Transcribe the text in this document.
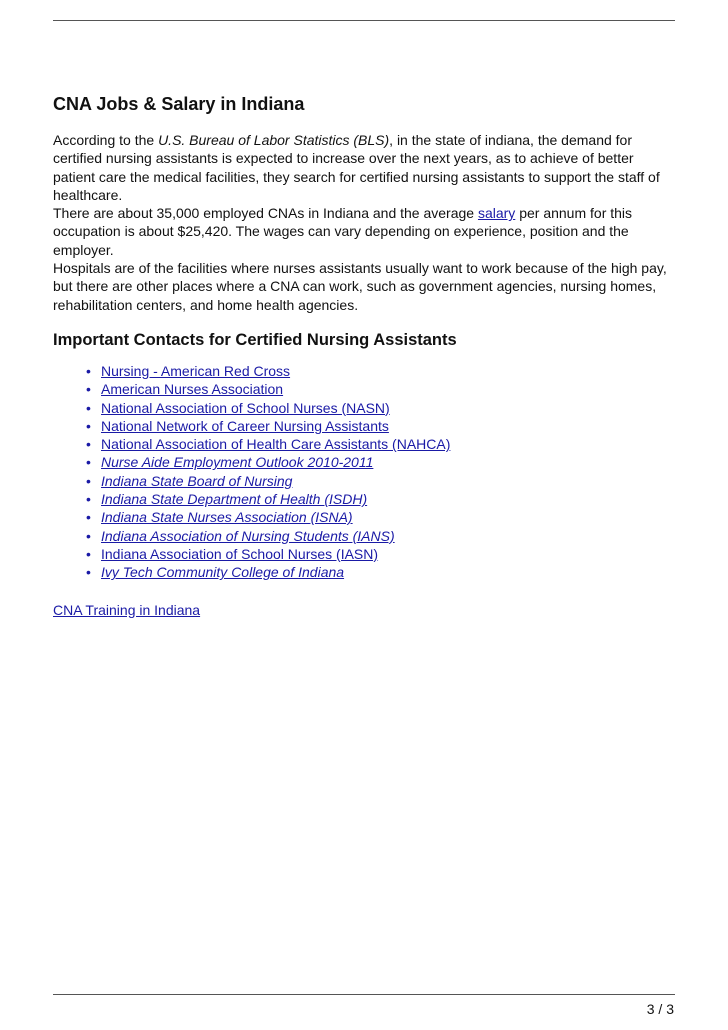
CNA Jobs & Salary in Indiana

According to the U.S. Bureau of Labor Statistics (BLS), in the state of indiana, the demand for certified nursing assistants is expected to increase over the next years, as to achieve of better patient care the medical facilities, they search for certified nursing assistants to support the staff of healthcare.

There are about 35,000 employed CNAs in Indiana and the average salary per annum for this occupation is about $25,420. The wages can vary depending on experience, position and the employer.

Hospitals are of the facilities where nurses assistants usually want to work because of the high pay, but there are other places where a CNA can work, such as government agencies, nursing homes, rehabilitation centers, and home health agencies.

Important Contacts for Certified Nursing Assistants
• Nursing - American Red Cross
• American Nurses Association
• National Association of School Nurses (NASN)
• National Network of Career Nursing Assistants
• National Association of Health Care Assistants (NAHCA)
• Nurse Aide Employment Outlook 2010-2011
• Indiana State Board of Nursing
• Indiana State Department of Health (ISDH)
• Indiana State Nurses Association (ISNA)
• Indiana Association of Nursing Students (IANS)
• Indiana Association of School Nurses (IASN)
• Ivy Tech Community College of Indiana
CNA Training in Indiana
3 / 3
